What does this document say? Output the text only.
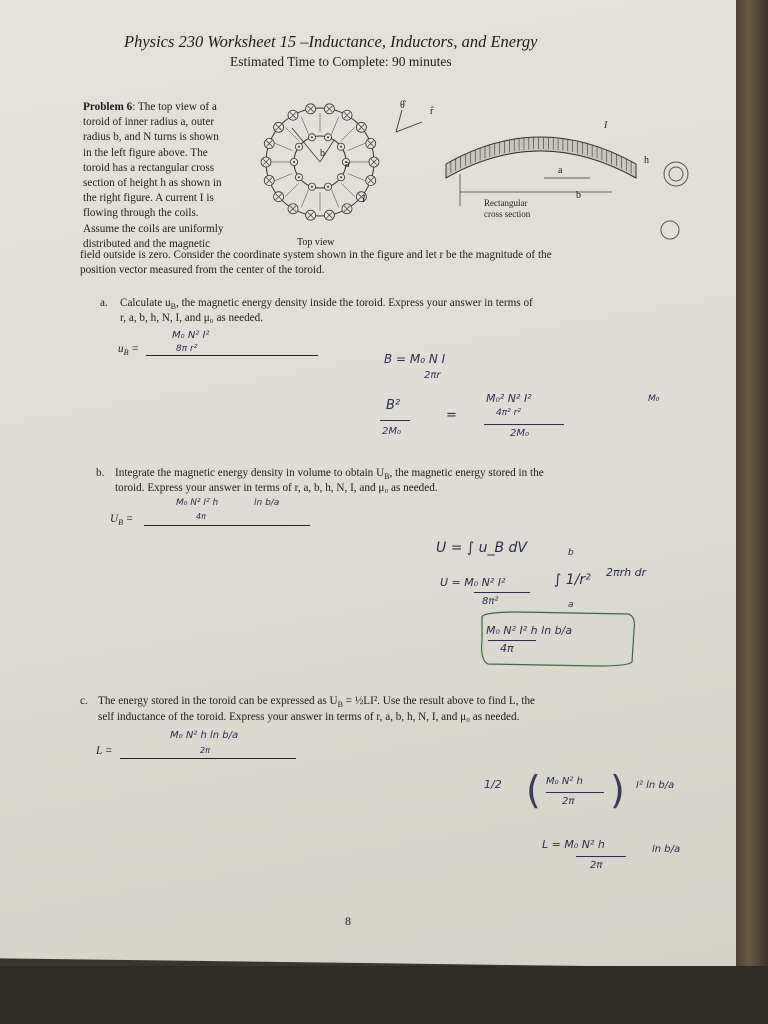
Physics 230 Worksheet 15 –Inductance, Inductors, and Energy
Estimated Time to Complete: 90 minutes
Problem 6: The top view of a
toroid of inner radius a, outer
radius b, and N turns is shown
in the left figure above. The
toroid has a rectangular cross
section of height h as shown in
the right figure. A current I is
flowing through the coils.
Assume the coils are uniformly
distributed and the magnetic
field outside is zero. Consider the coordinate system shown in the figure and let r be the magnitude of the
position vector measured from the center of the toroid.
a
b
I
Top view
θ̂
r̂
I
a
b
h
Rectangular
cross section
a. Calculate $u_B$, the magnetic energy density inside the toroid. Express your answer in terms of
r, a, b, h, N, I, and μ₀ as needed.
$u_B$ =
M₀ N² I²
8π r²
B = M₀ N I
2πr
B²
2M₀
=
M₀² N² I²
4π² r²
2M₀
M₀
b. Integrate the magnetic energy density in volume to obtain $U_B$, the magnetic energy stored in the
toroid. Express your answer in terms of r, a, b, h, N, I, and μ₀ as needed.
$U_B$ =
M₀ N² I² h	ln b/a
4π
U = ∫ u_B dV
U = M₀ N² I²
8π²
b
∫ 1/r²
a
2πrh dr
M₀ N² I² h ln b/a
4π
c. The energy stored in the toroid can be expressed as $U_B$ = ½LI². Use the result above to find L, the
self inductance of the toroid. Express your answer in terms of r, a, b, h, N, I, and μ₀ as needed.
L =
M₀ N² h ln b/a
2π
1/2 ( )
M₀ N² h
2π
I² ln b/a
L = M₀ N² h	ln b/a
2π
8
